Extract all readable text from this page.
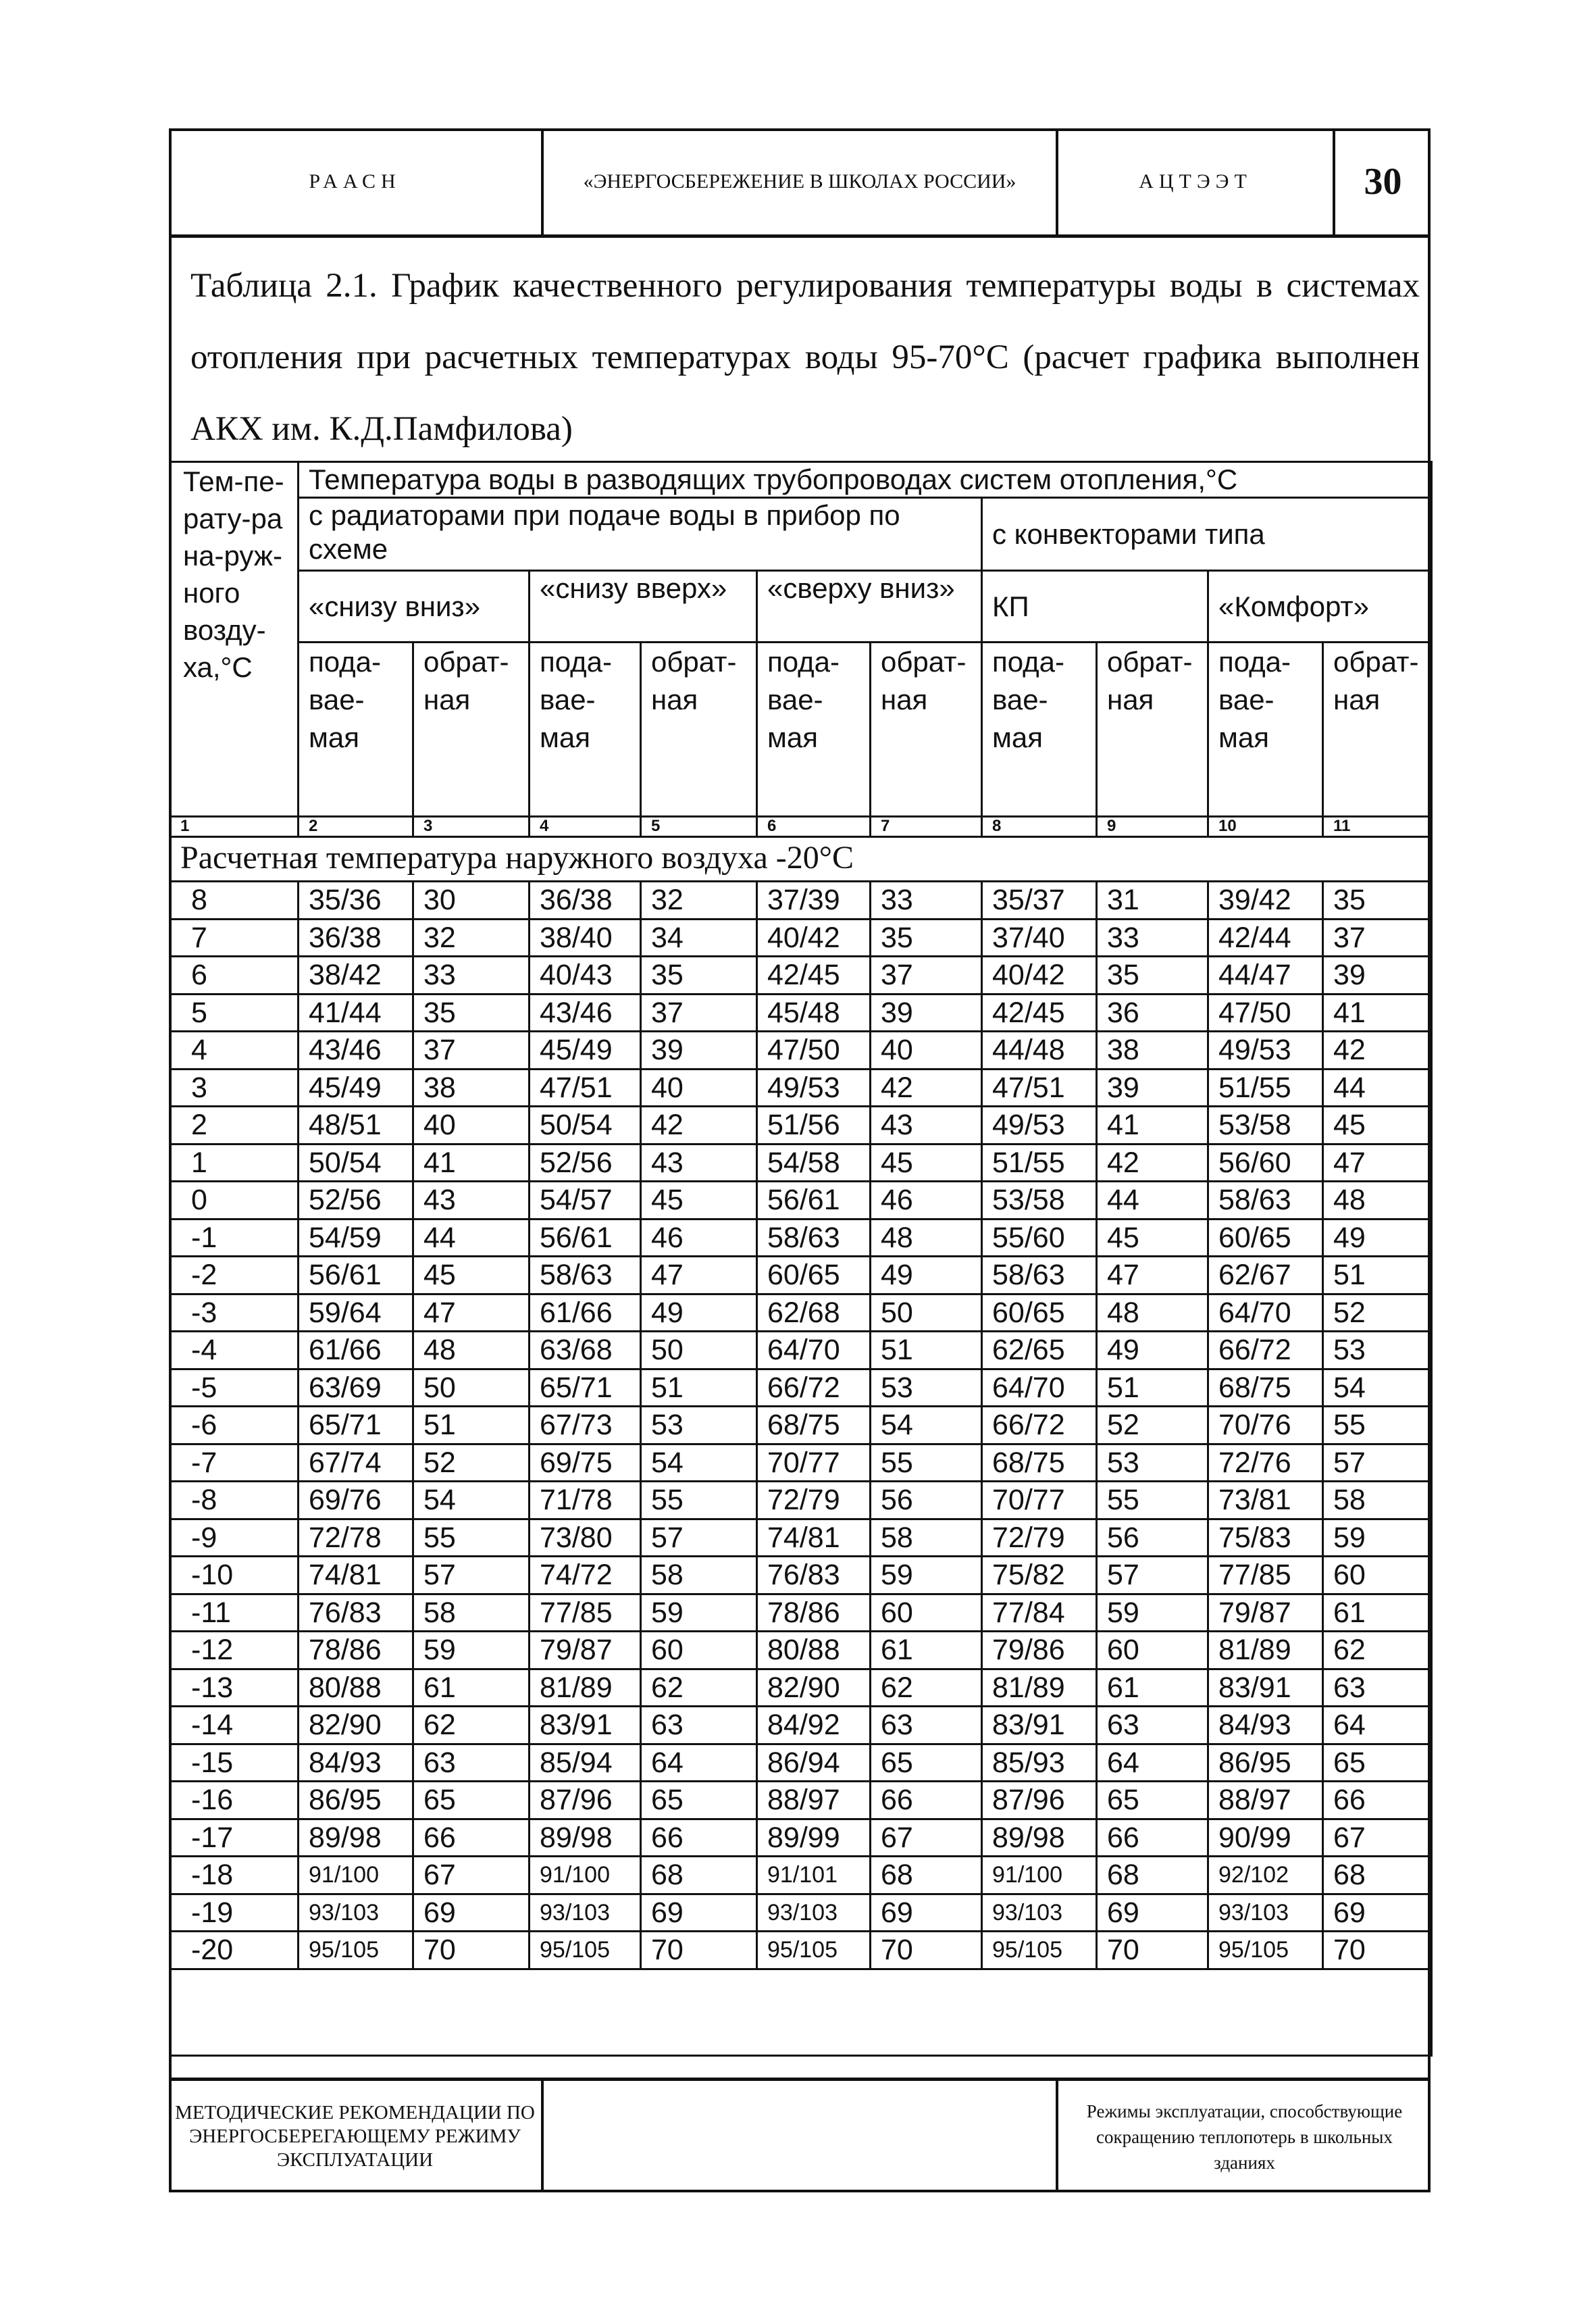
РААСН	«ЭНЕРГОСБЕРЕЖЕНИЕ В ШКОЛАХ РОССИИ»	АЦТЭЭТ	30
Таблица 2.1. График качественного регулирования температуры воды в системах отопления при расчетных температурах воды 95-70°С (расчет графика выполнен АКХ им. К.Д.Памфилова)
Тем-пе-рату-ра на-руж-ного возду-ха,°С	Температура воды в разводящих трубопроводах систем отопления,°С									
	с радиаторами при подаче воды в прибор по схеме						с конвекторами типа			
	«снизу вниз»		«снизу вверх»		«сверху вниз»		КП		«Комфорт»	
	пода-вае-мая	обрат-ная	пода-вае-мая	обрат-ная	пода-вае-мая	обрат-ная	пода-вае-мая	обрат-ная	пода-вае-мая	обрат-ная
1	2	3	4	5	6	7	8	9	10	11
Расчетная температура наружного воздуха -20°С										
8	35/36	30	36/38	32	37/39	33	35/37	31	39/42	35
7	36/38	32	38/40	34	40/42	35	37/40	33	42/44	37
6	38/42	33	40/43	35	42/45	37	40/42	35	44/47	39
5	41/44	35	43/46	37	45/48	39	42/45	36	47/50	41
4	43/46	37	45/49	39	47/50	40	44/48	38	49/53	42
3	45/49	38	47/51	40	49/53	42	47/51	39	51/55	44
2	48/51	40	50/54	42	51/56	43	49/53	41	53/58	45
1	50/54	41	52/56	43	54/58	45	51/55	42	56/60	47
0	52/56	43	54/57	45	56/61	46	53/58	44	58/63	48
-1	54/59	44	56/61	46	58/63	48	55/60	45	60/65	49
-2	56/61	45	58/63	47	60/65	49	58/63	47	62/67	51
-3	59/64	47	61/66	49	62/68	50	60/65	48	64/70	52
-4	61/66	48	63/68	50	64/70	51	62/65	49	66/72	53
-5	63/69	50	65/71	51	66/72	53	64/70	51	68/75	54
-6	65/71	51	67/73	53	68/75	54	66/72	52	70/76	55
-7	67/74	52	69/75	54	70/77	55	68/75	53	72/76	57
-8	69/76	54	71/78	55	72/79	56	70/77	55	73/81	58
-9	72/78	55	73/80	57	74/81	58	72/79	56	75/83	59
-10	74/81	57	74/72	58	76/83	59	75/82	57	77/85	60
-11	76/83	58	77/85	59	78/86	60	77/84	59	79/87	61
-12	78/86	59	79/87	60	80/88	61	79/86	60	81/89	62
-13	80/88	61	81/89	62	82/90	62	81/89	61	83/91	63
-14	82/90	62	83/91	63	84/92	63	83/91	63	84/93	64
-15	84/93	63	85/94	64	86/94	65	85/93	64	86/95	65
-16	86/95	65	87/96	65	88/97	66	87/96	65	88/97	66
-17	89/98	66	89/98	66	89/99	67	89/98	66	90/99	67
-18	91/100	67	91/100	68	91/101	68	91/100	68	92/102	68
-19	93/103	69	93/103	69	93/103	69	93/103	69	93/103	69
-20	95/105	70	95/105	70	95/105	70	95/105	70	95/105	70

МЕТОДИЧЕСКИЕ РЕКОМЕНДАЦИИ ПО ЭНЕРГОСБЕРЕГАЮЩЕМУ РЕЖИМУ ЭКСПЛУАТАЦИИ
Режимы эксплуатации, способствующие сокращению теплопотерь в школьных зданиях
